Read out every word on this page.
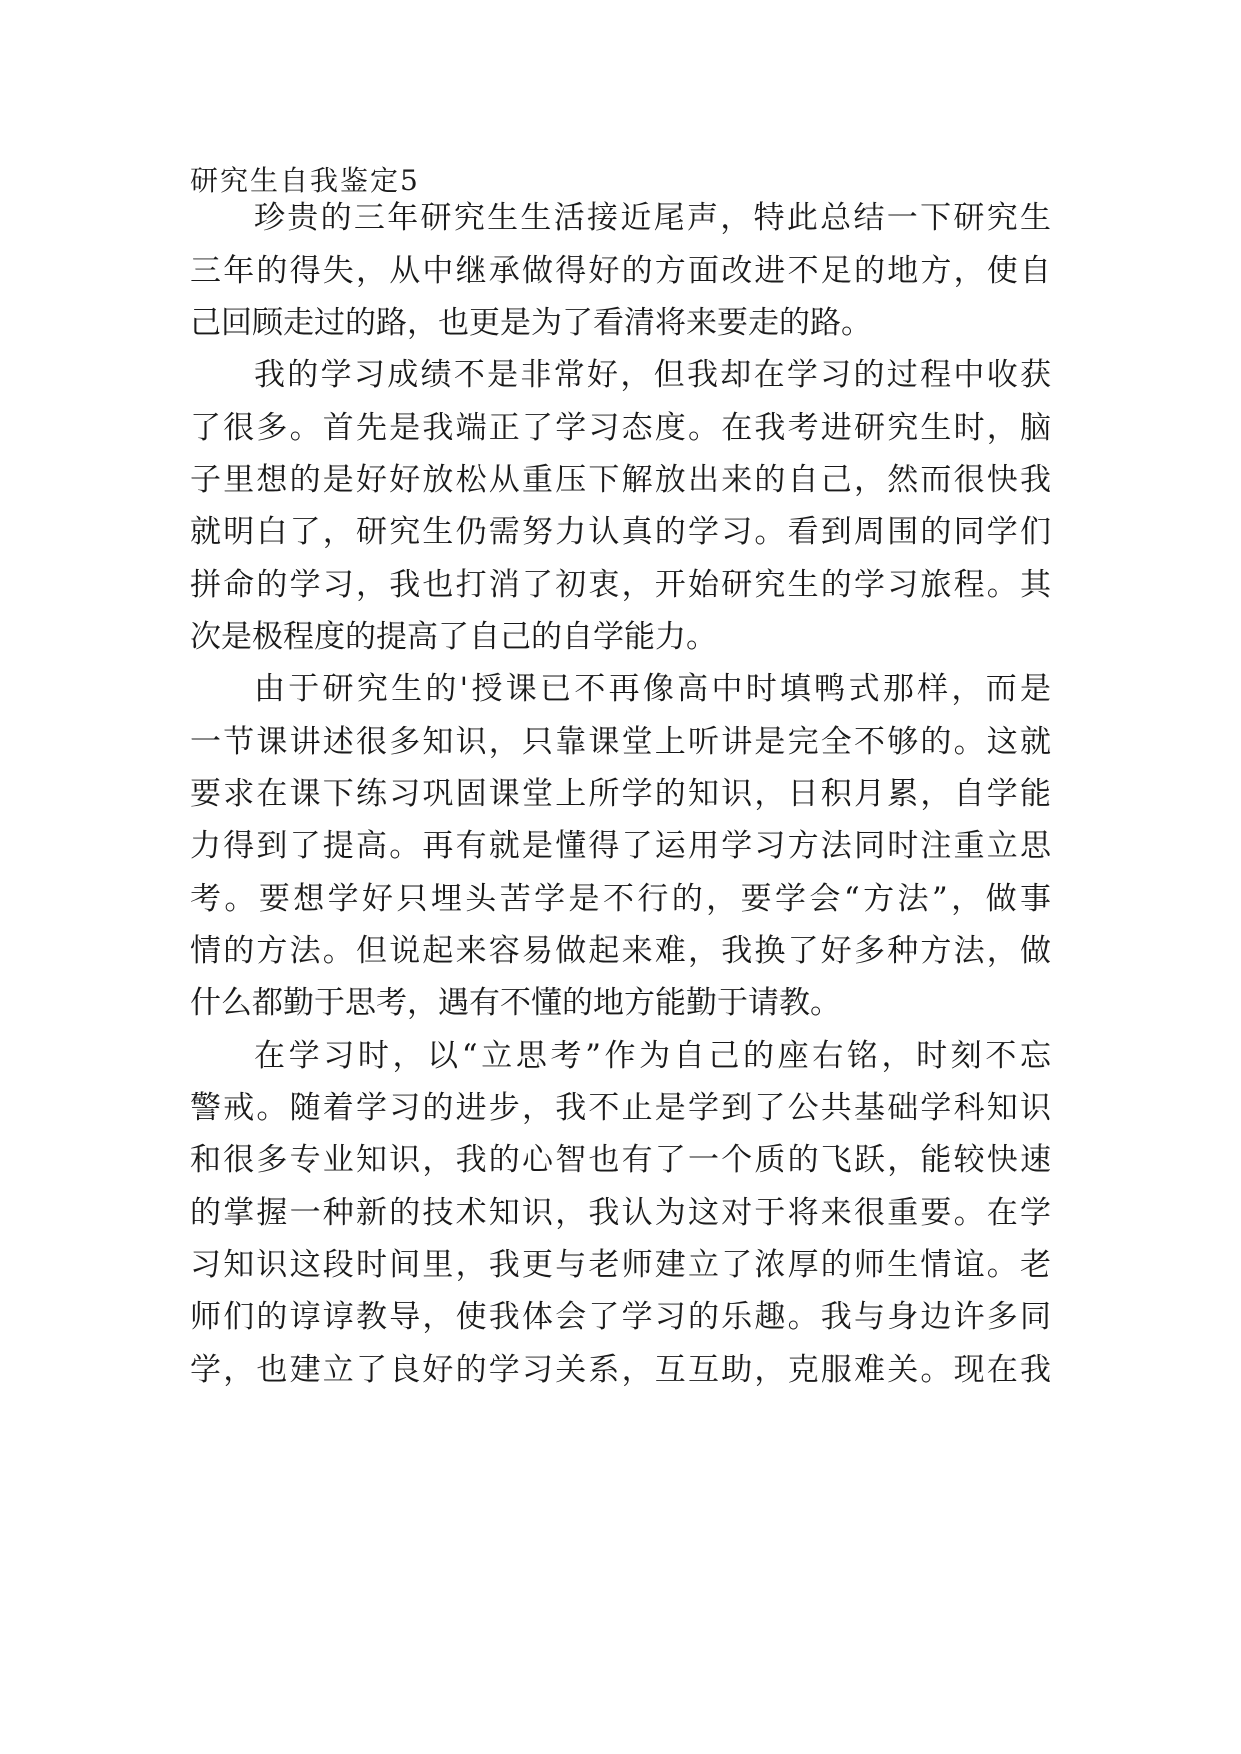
研究生自我鉴定5
珍贵的三年研究生生活接近尾声，特此总结一下研究生
三年的得失，从中继承做得好的方面改进不足的地方，使自
己回顾走过的路，也更是为了看清将来要走的路。
我的学习成绩不是非常好，但我却在学习的过程中收获
了很多。首先是我端正了学习态度。在我考进研究生时，脑
子里想的是好好放松从重压下解放出来的自己，然而很快我
就明白了，研究生仍需努力认真的学习。看到周围的同学们
拼命的学习，我也打消了初衷，开始研究生的学习旅程。其
次是极程度的提高了自己的自学能力。
由于研究生的'授课已不再像高中时填鸭式那样，而是
一节课讲述很多知识，只靠课堂上听讲是完全不够的。这就
要求在课下练习巩固课堂上所学的知识，日积月累，自学能
力得到了提高。再有就是懂得了运用学习方法同时注重立思
考。要想学好只埋头苦学是不行的，要学会“方法”，做事
情的方法。但说起来容易做起来难，我换了好多种方法，做
什么都勤于思考，遇有不懂的地方能勤于请教。
在学习时，以“立思考”作为自己的座右铭，时刻不忘
警戒。随着学习的进步，我不止是学到了公共基础学科知识
和很多专业知识，我的心智也有了一个质的飞跃，能较快速
的掌握一种新的技术知识，我认为这对于将来很重要。在学
习知识这段时间里，我更与老师建立了浓厚的师生情谊。老
师们的谆谆教导，使我体会了学习的乐趣。我与身边许多同
学，也建立了良好的学习关系，互互助，克服难关。现在我
